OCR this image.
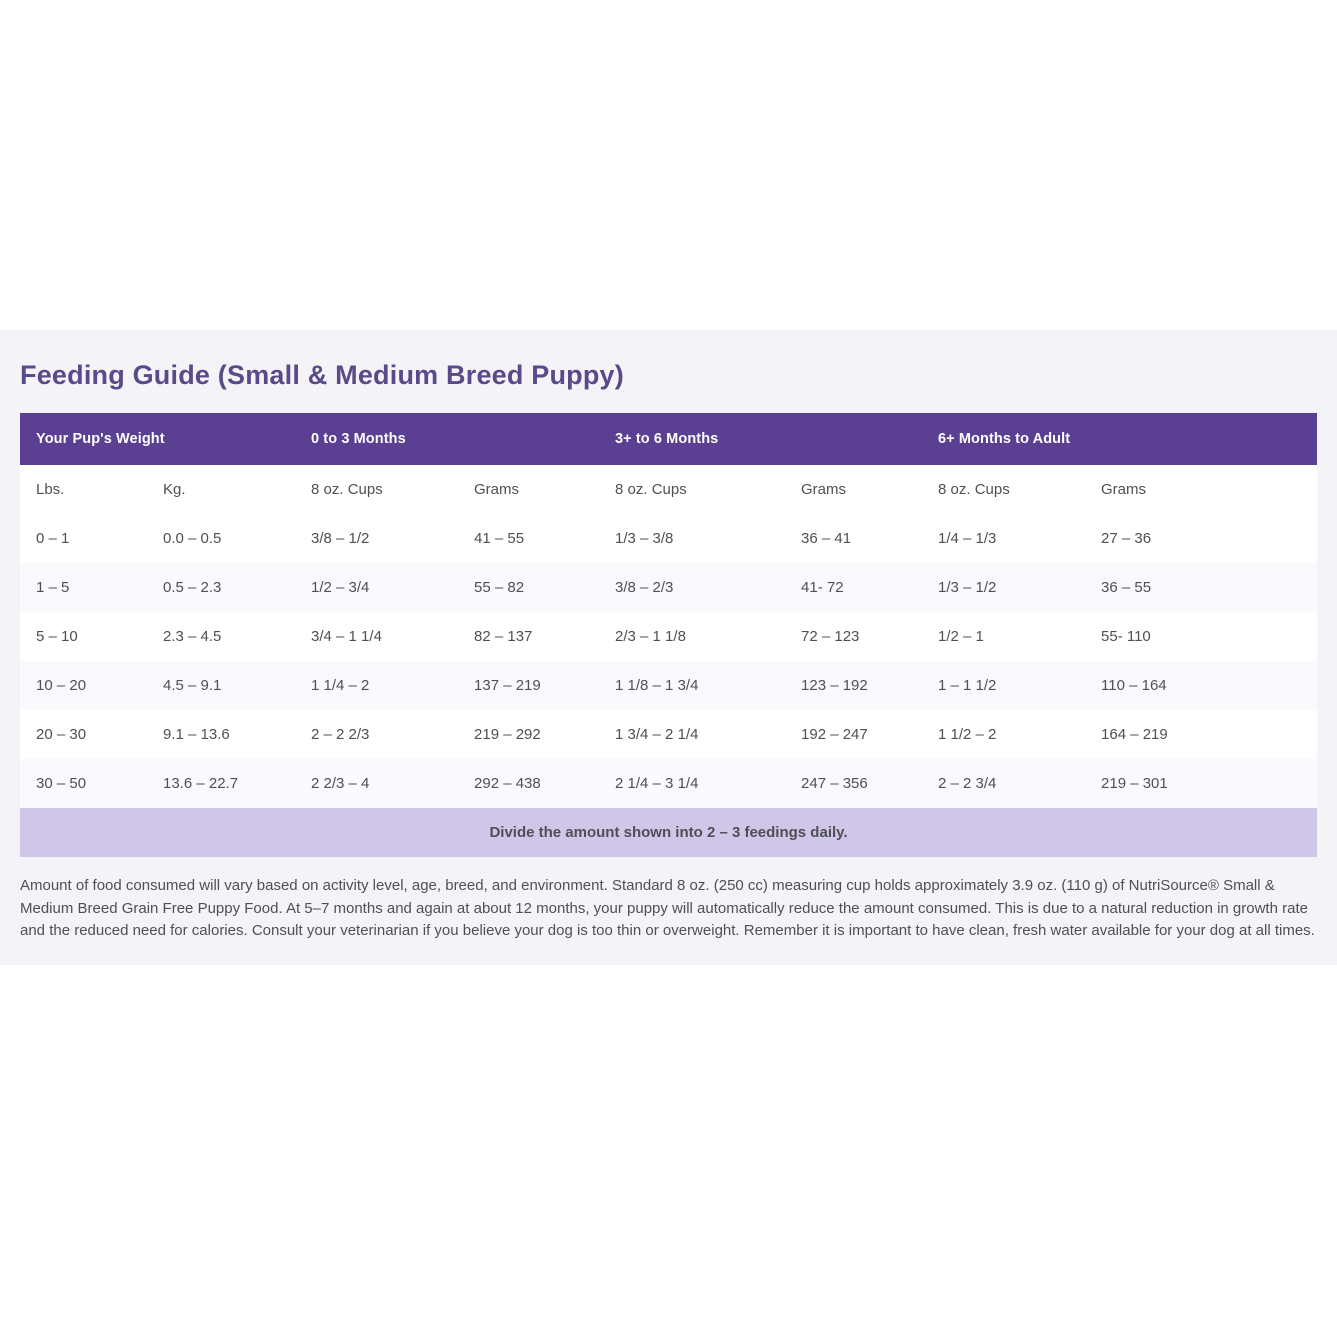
Feeding Guide (Small & Medium Breed Puppy)
Your Pup's Weight		0 to 3 Months		3+ to 6 Months		6+ Months to Adult	
Lbs.	Kg.	8 oz. Cups	Grams	8 oz. Cups	Grams	8 oz. Cups	Grams
0 – 1	0.0 – 0.5	3/8 – 1/2	41 – 55	1/3 – 3/8	36 – 41	1/4 – 1/3	27 – 36
1 – 5	0.5 – 2.3	1/2 – 3/4	55 – 82	3/8 – 2/3	41- 72	1/3 – 1/2	36 – 55
5 – 10	2.3 – 4.5	3/4 – 1 1/4	82 – 137	2/3 – 1 1/8	72 – 123	1/2 – 1	55- 110
10 – 20	4.5 – 9.1	1 1/4 – 2	137 – 219	1 1/8 – 1 3/4	123 – 192	1 – 1 1/2	110 – 164
20 – 30	9.1 – 13.6	2 – 2 2/3	219 – 292	1 3/4 – 2 1/4	192 – 247	1 1/2 – 2	164 – 219
30 – 50	13.6 – 22.7	2 2/3 – 4	292 – 438	2 1/4 – 3 1/4	247 – 356	2 – 2 3/4	219 – 301
Divide the amount shown into 2 – 3 feedings daily.							

Amount of food consumed will vary based on activity level, age, breed, and environment. Standard 8 oz. (250 cc) measuring cup holds approximately 3.9 oz. (110 g) of NutriSource® Small & Medium Breed Grain Free Puppy Food. At 5–7 months and again at about 12 months, your puppy will automatically reduce the amount consumed. This is due to a natural reduction in growth rate and the reduced need for calories. Consult your veterinarian if you believe your dog is too thin or overweight. Remember it is important to have clean, fresh water available for your dog at all times.
